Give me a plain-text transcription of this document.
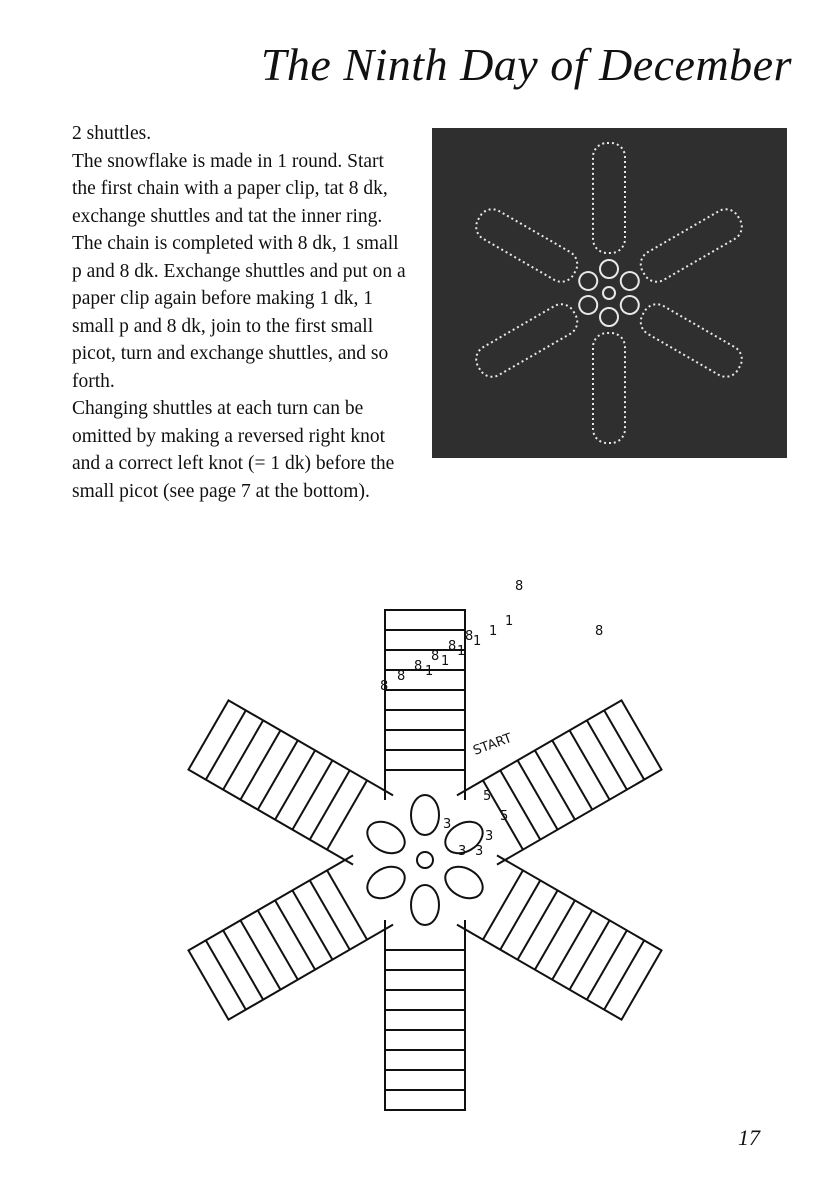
The Ninth Day of December

2 shuttles.

The snowflake is made in 1 round. Start the first chain with a paper clip, tat 8 dk, exchange shuttles and tat the inner ring. The chain is completed with 8 dk, 1 small p and 8 dk. Exchange shuttles and put on a paper clip again before making 1 dk, 1 small p and 8 dk, join to the first small picot, turn and exchange shuttles, and so forth.

Changing shuttles at each turn can be omitted by making a reversed right knot and a correct left knot (= 1 dk) before the small picot (see page 7 at the bottom).

8
8
8
8
8
8
8
8
1
1
1
1
1
1
3
3 3
3
5
5
START
17
